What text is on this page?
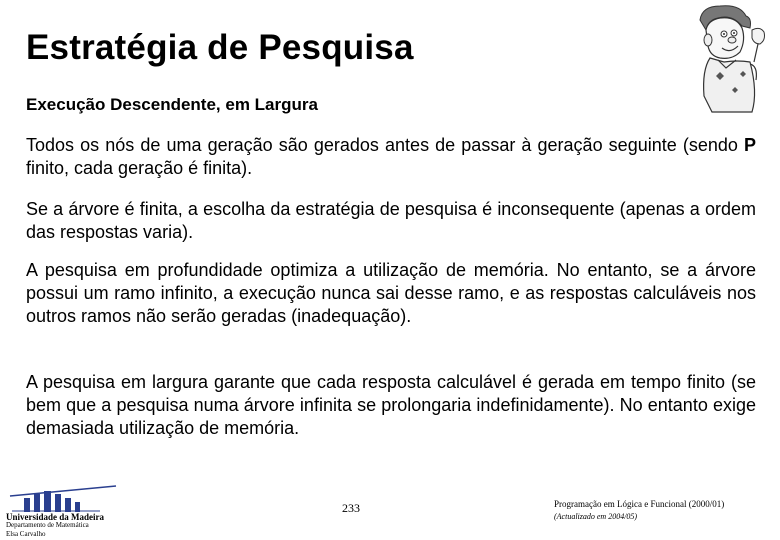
Estratégia de Pesquisa
Execução Descendente, em Largura

Todos os nós de uma geração são gerados antes de passar à geração seguinte (sendo P finito, cada geração é finita).

Se a árvore é finita, a escolha da estratégia de pesquisa é inconsequente (apenas a ordem das respostas varia).

A pesquisa em profundidade optimiza a utilização de memória. No entanto, se a árvore possui um ramo infinito, a execução nunca sai desse ramo, e as respostas calculáveis nos outros ramos não serão geradas (inadequação).

A pesquisa em largura garante que cada resposta calculável é gerada em tempo finito (se bem que a pesquisa numa árvore infinita se prolongaria indefinidamente). No entanto exige demasiada utilização de memória.

Universidade da Madeira
Departamento de Matemática
Elsa Carvalho
233	Programação em Lógica e Funcional (2000/01)
(Actualizado em 2004/05)
